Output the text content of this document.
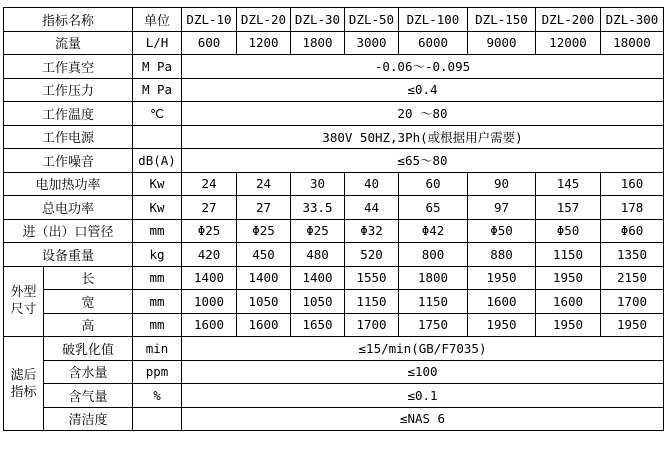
指标名称		单位	DZL-10	DZL-20	DZL-30	DZL-50	DZL-100	DZL-150	DZL-200	DZL-300
流量		L/H	600	1200	1800	3000	6000	9000	12000	18000
工作真空		M Pa	-0.06～-0.095							
工作压力		M Pa	≤0.4							
工作温度		℃	20 ～80							
工作电源			380V 50HZ,3Ph(或根据用户需要)							
工作噪音		dB(A)	≤65～80							
电加热功率		Kw	24	24	30	40	60	90	145	160
总电功率		Kw	27	27	33.5	44	65	97	157	178
进（出）口管径		mm	Φ25	Φ25	Φ25	Φ32	Φ42	Φ50	Φ50	Φ60
设备重量		kg	420	450	480	520	800	880	1150	1350
外型
尺寸	长	mm	1400	1400	1400	1550	1800	1950	1950	2150
	宽	mm	1000	1050	1050	1150	1150	1600	1600	1700
	高	mm	1600	1600	1650	1700	1750	1950	1950	1950
滤后
指标	破乳化值	min	≤15/min(GB/F7035)							
	含水量	ppm	≤100							
	含气量	%	≤0.1							
	清洁度		≤NAS 6							
